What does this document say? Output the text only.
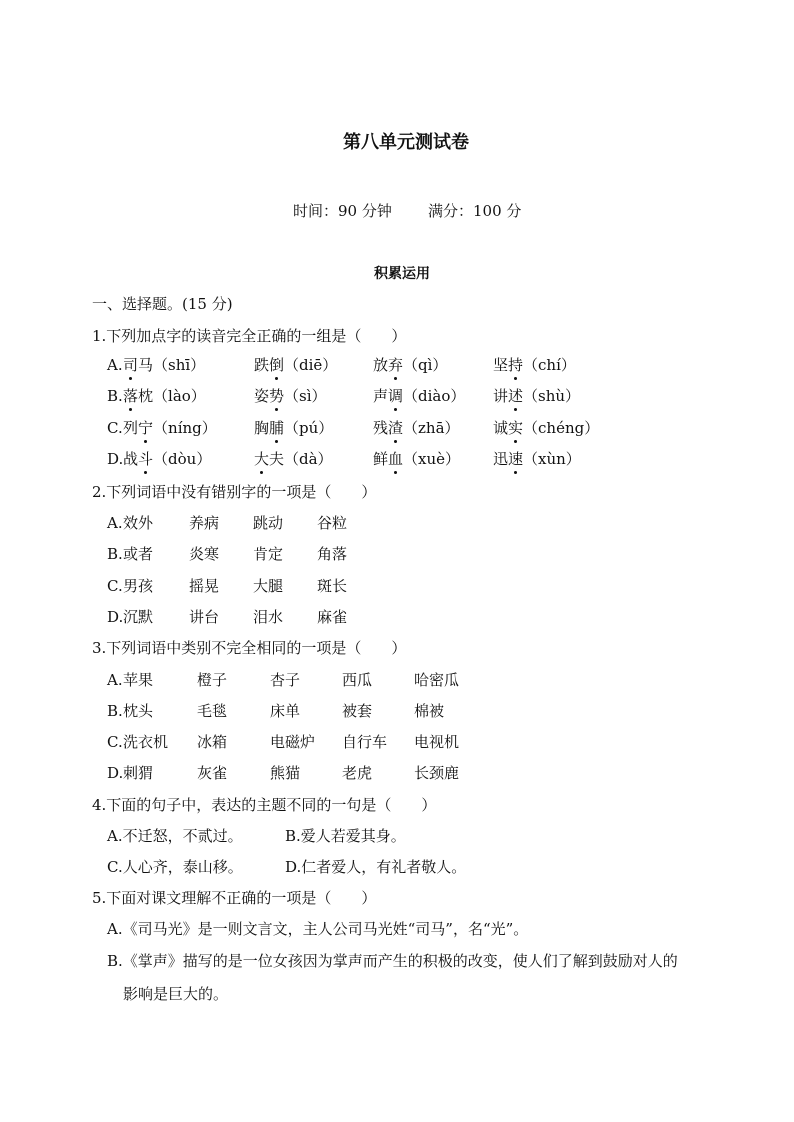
第八单元测试卷
时间：90 分钟 满分：100 分
积累运用
一、选择题。(15 分)
1.下列加点字的读音完全正确的一组是（　　）
A. 司马（shī）	跌倒（diē） 放弃（qì）	坚持（chí）
B. 落枕（lào）	姿势（sì）	声调（diào） 讲述（shù）
C. 列宁（níng） 胸脯（pú）	残渣（zhā） 诚实（chéng）
D. 战斗（dòu）	大夫（dà）	鲜血（xuè） 迅速（xùn）
2.下列词语中没有错别字的一项是（　　）
A. 效外 养病 跳动 谷粒
B. 或者 炎寒 肯定 角落
C. 男孩 摇晃 大腿 斑长
D. 沉默 讲台 泪水 麻雀
3.下列词语中类别不完全相同的一项是（　　）
A. 苹果	橙子	杏子	西瓜	哈密瓜
B. 枕头	毛毯	床单	被套	棉被
C. 洗衣机 冰箱	电磁炉 自行车 电视机
D. 刺猬	灰雀	熊猫	老虎	长颈鹿
4.下面的句子中，表达的主题不同的一句是（　　）
A.不迁怒，不贰过。	B.爱人若爱其身。
C.人心齐，泰山移。	D.仁者爱人，有礼者敬人。
5.下面对课文理解不正确的一项是（　　）
A.《司马光》是一则文言文，主人公司马光姓“司马”，名“光”。
B.《掌声》描写的是一位女孩因为掌声而产生的积极的改变，使人们了解到鼓励对人的
影响是巨大的。
